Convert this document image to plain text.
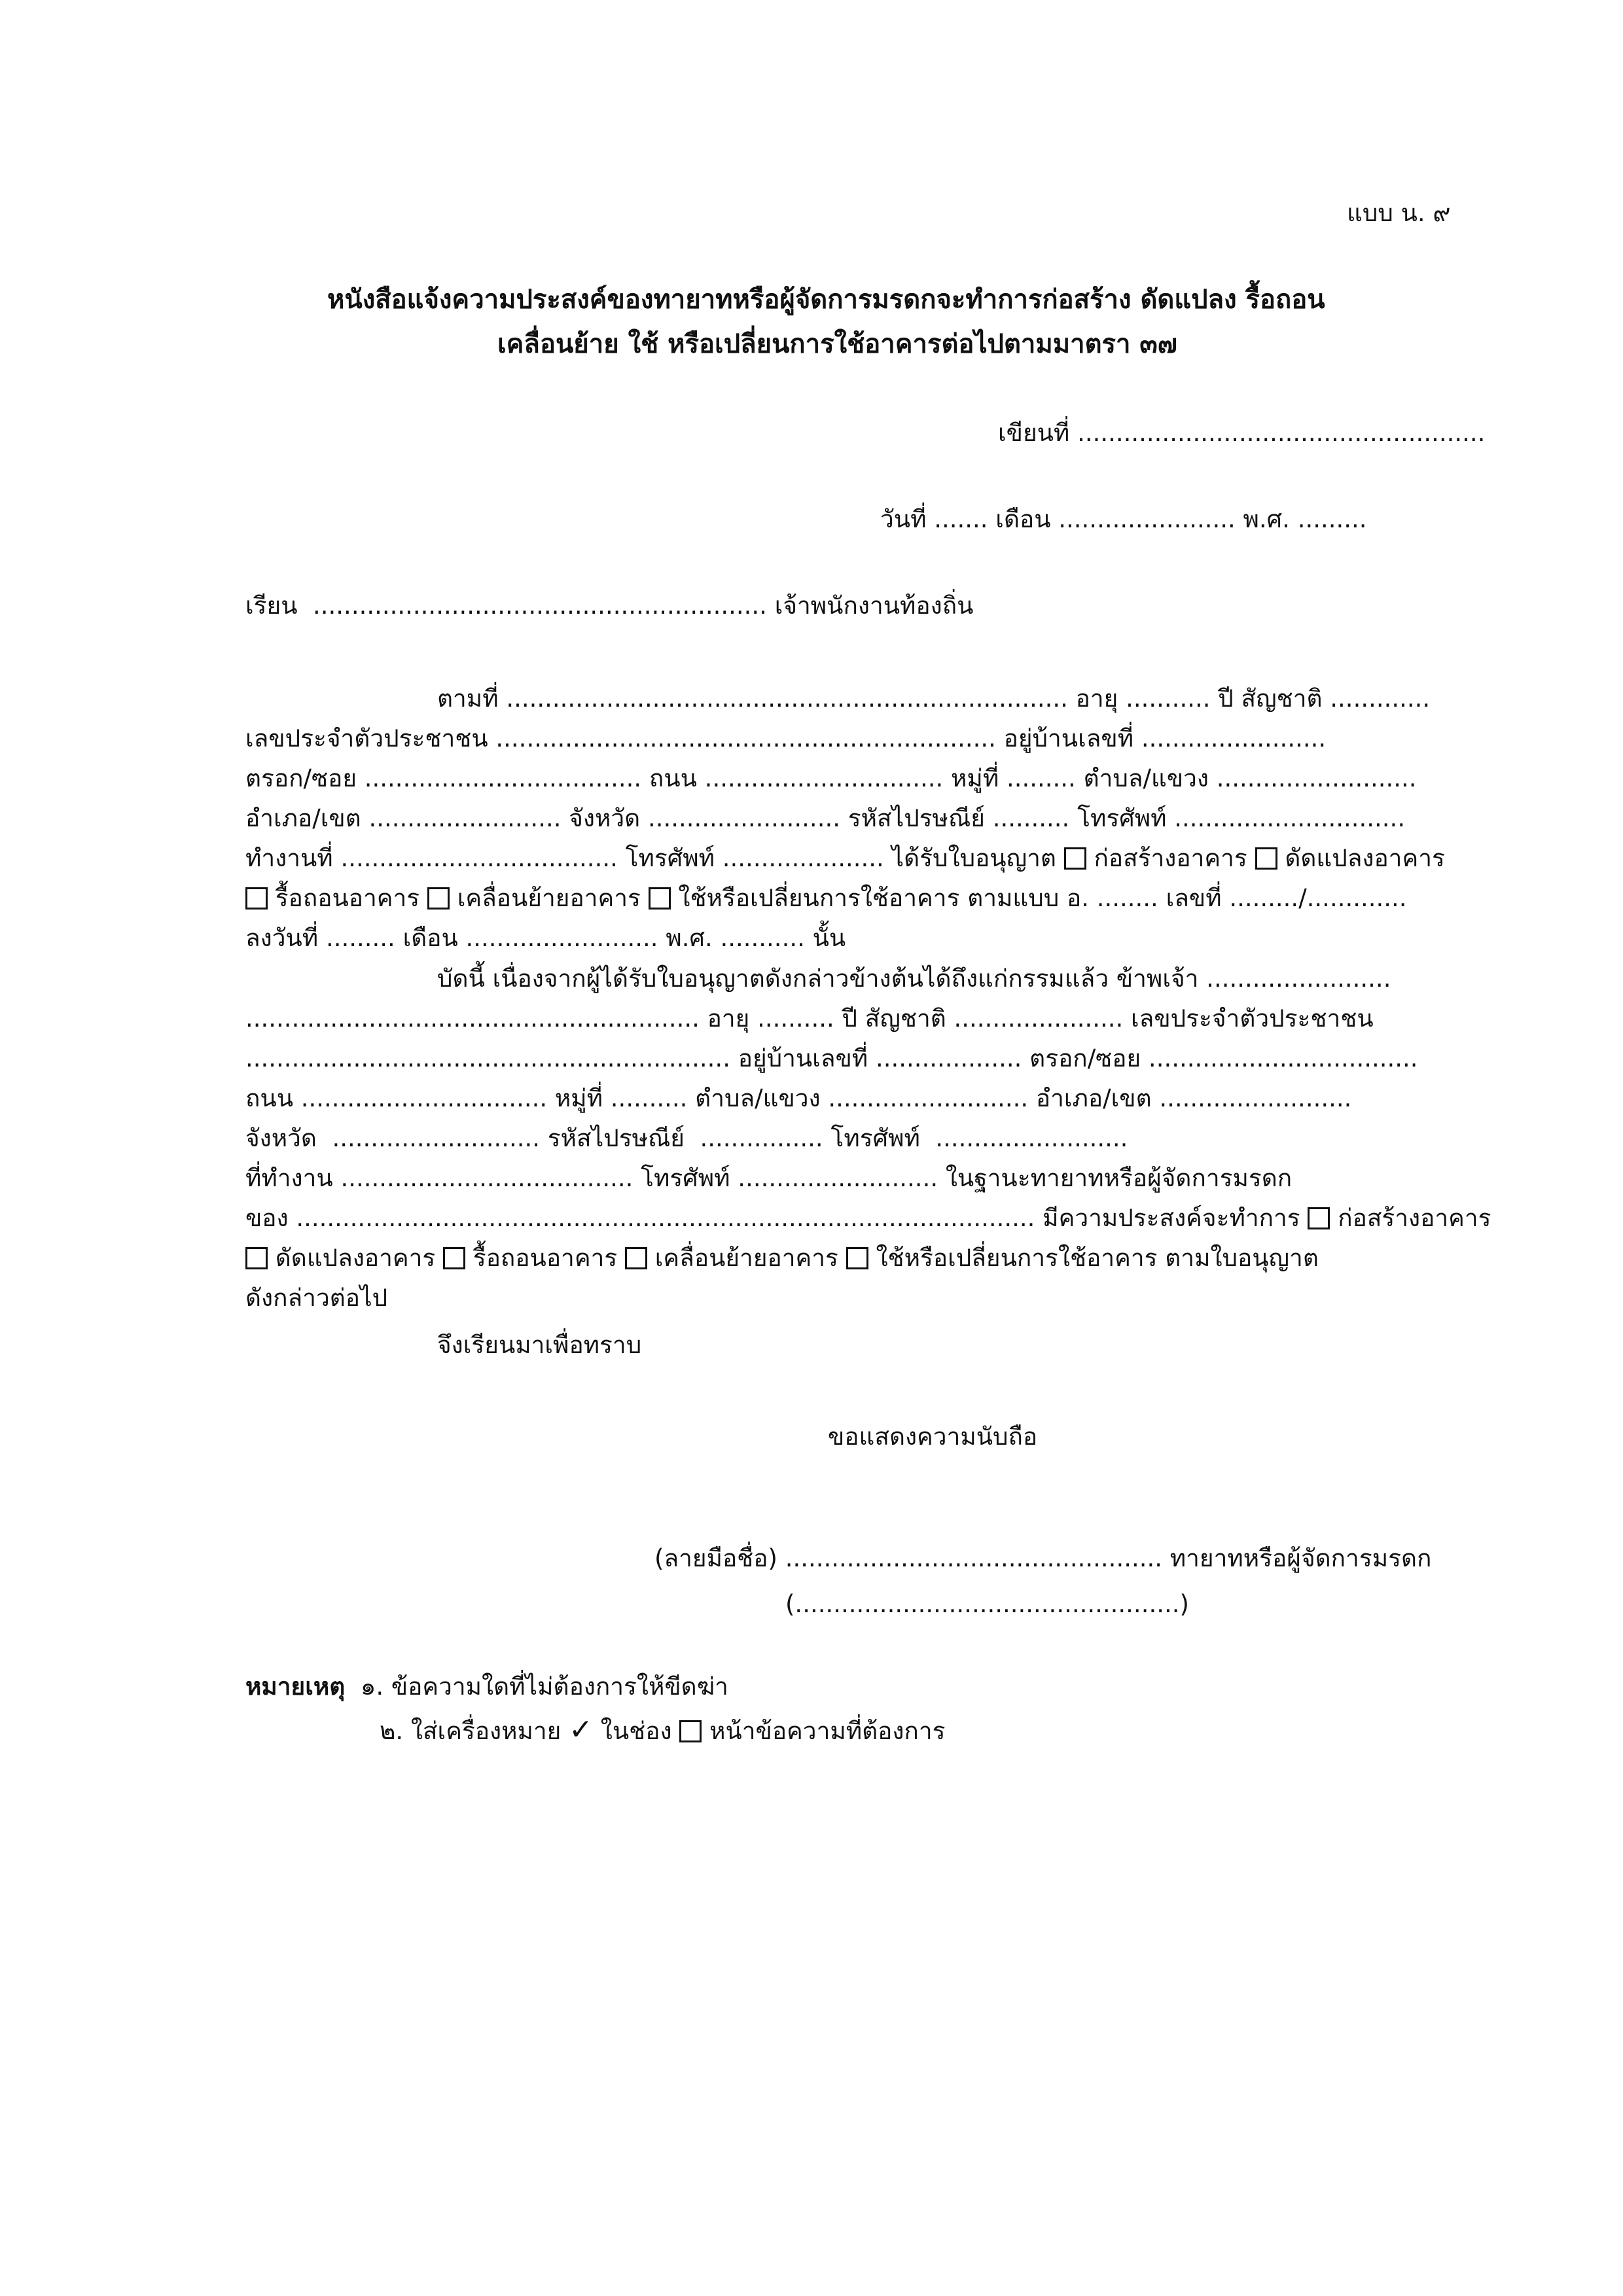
แบบ น. ๙
หนังสือแจ้งความประสงค์ของทายาทหรือผู้จัดการมรดกจะทำการก่อสร้าง ดัดแปลง รื้อถอน
เคลื่อนย้าย ใช้ หรือเปลี่ยนการใช้อาคารต่อไปตามมาตรา ๓๗
เขียนที่ .....................................................
วันที่ ....... เดือน ....................... พ.ศ. .........
เรียน  ........................................................... เจ้าพนักงานท้องถิ่น
ตามที่ ......................................................................... อายุ ........... ปี สัญชาติ .............
เลขประจำตัวประชาชน ................................................................. อยู่บ้านเลขที่ ........................
ตรอก/ซอย .................................... ถนน ............................... หมู่ที่ ......... ตำบล/แขวง ..........................
อำเภอ/เขต ......................... จังหวัด ......................... รหัสไปรษณีย์ .......... โทรศัพท์ ..............................
ทำงานที่ .................................... โทรศัพท์ ..................... ได้รับใบอนุญาต ก่อสร้างอาคาร ดัดแปลงอาคาร
รื้อถอนอาคาร เคลื่อนย้ายอาคาร ใช้หรือเปลี่ยนการใช้อาคาร ตามแบบ อ. ........ เลขที่ ........./.............
ลงวันที่ ......... เดือน ......................... พ.ศ. ........... นั้น
บัดนี้ เนื่องจากผู้ได้รับใบอนุญาตดังกล่าวข้างต้นได้ถึงแก่กรรมแล้ว ข้าพเจ้า ........................
........................................................... อายุ .......... ปี สัญชาติ ...................... เลขประจำตัวประชาชน
............................................................... อยู่บ้านเลขที่ ................... ตรอก/ซอย ...................................
ถนน ................................ หมู่ที่ .......... ตำบล/แขวง .......................... อำเภอ/เขต .........................
จังหวัด  ........................... รหัสไปรษณีย์  ................ โทรศัพท์  .........................
ที่ทำงาน ...................................... โทรศัพท์ .......................... ในฐานะทายาทหรือผู้จัดการมรดก
ของ ................................................................................................ มีความประสงค์จะทำการ ก่อสร้างอาคาร
ดัดแปลงอาคาร รื้อถอนอาคาร เคลื่อนย้ายอาคาร ใช้หรือเปลี่ยนการใช้อาคาร ตามใบอนุญาต
ดังกล่าวต่อไป
จึงเรียนมาเพื่อทราบ
ขอแสดงความนับถือ
(ลายมือชื่อ) ................................................. ทายาทหรือผู้จัดการมรดก
(..................................................)
หมายเหตุ ๑. ข้อความใดที่ไม่ต้องการให้ขีดฆ่า
๒. ใส่เครื่องหมาย ✓ ในช่อง หน้าข้อความที่ต้องการ
